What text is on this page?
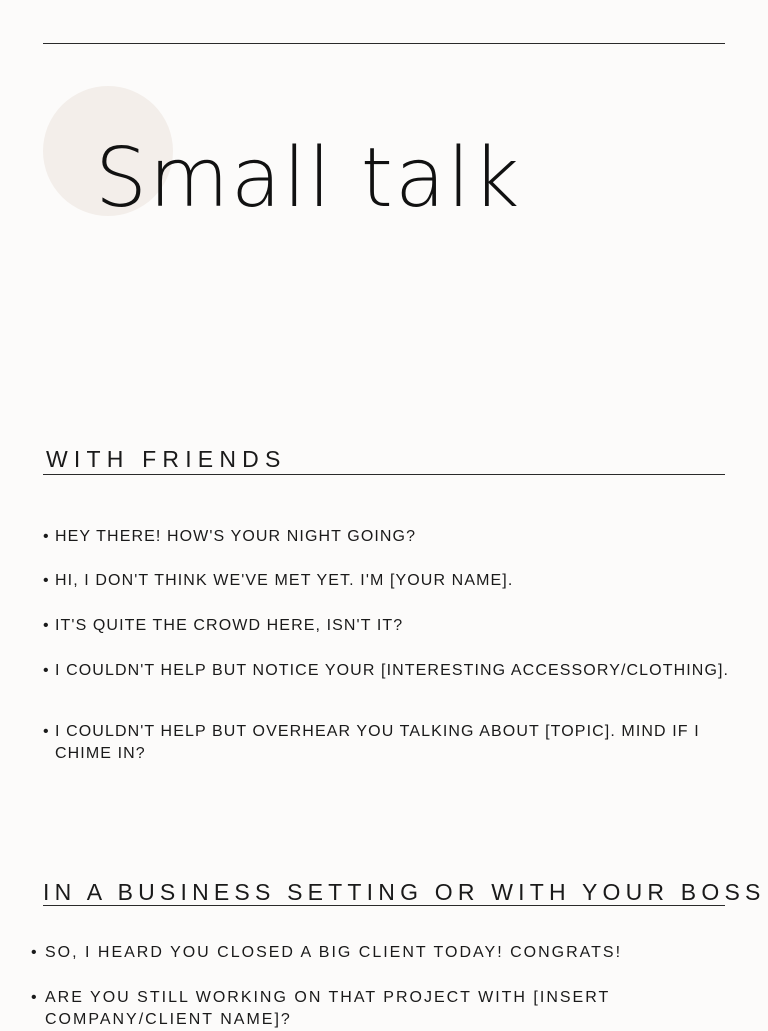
Small talk
WITH FRIENDS
• HEY THERE! HOW'S YOUR NIGHT GOING?
• HI, I DON'T THINK WE'VE MET YET. I'M [YOUR NAME].
• IT'S QUITE THE CROWD HERE, ISN'T IT?
• I COULDN'T HELP BUT NOTICE YOUR [INTERESTING ACCESSORY/CLOTHING].
• I COULDN'T HELP BUT OVERHEAR YOU TALKING ABOUT [TOPIC]. MIND IF I CHIME IN?
IN A BUSINESS SETTING OR WITH YOUR BOSS
• SO, I HEARD YOU CLOSED A BIG CLIENT TODAY! CONGRATS!
• ARE YOU STILL WORKING ON THAT PROJECT WITH [INSERT COMPANY/CLIENT NAME]?
